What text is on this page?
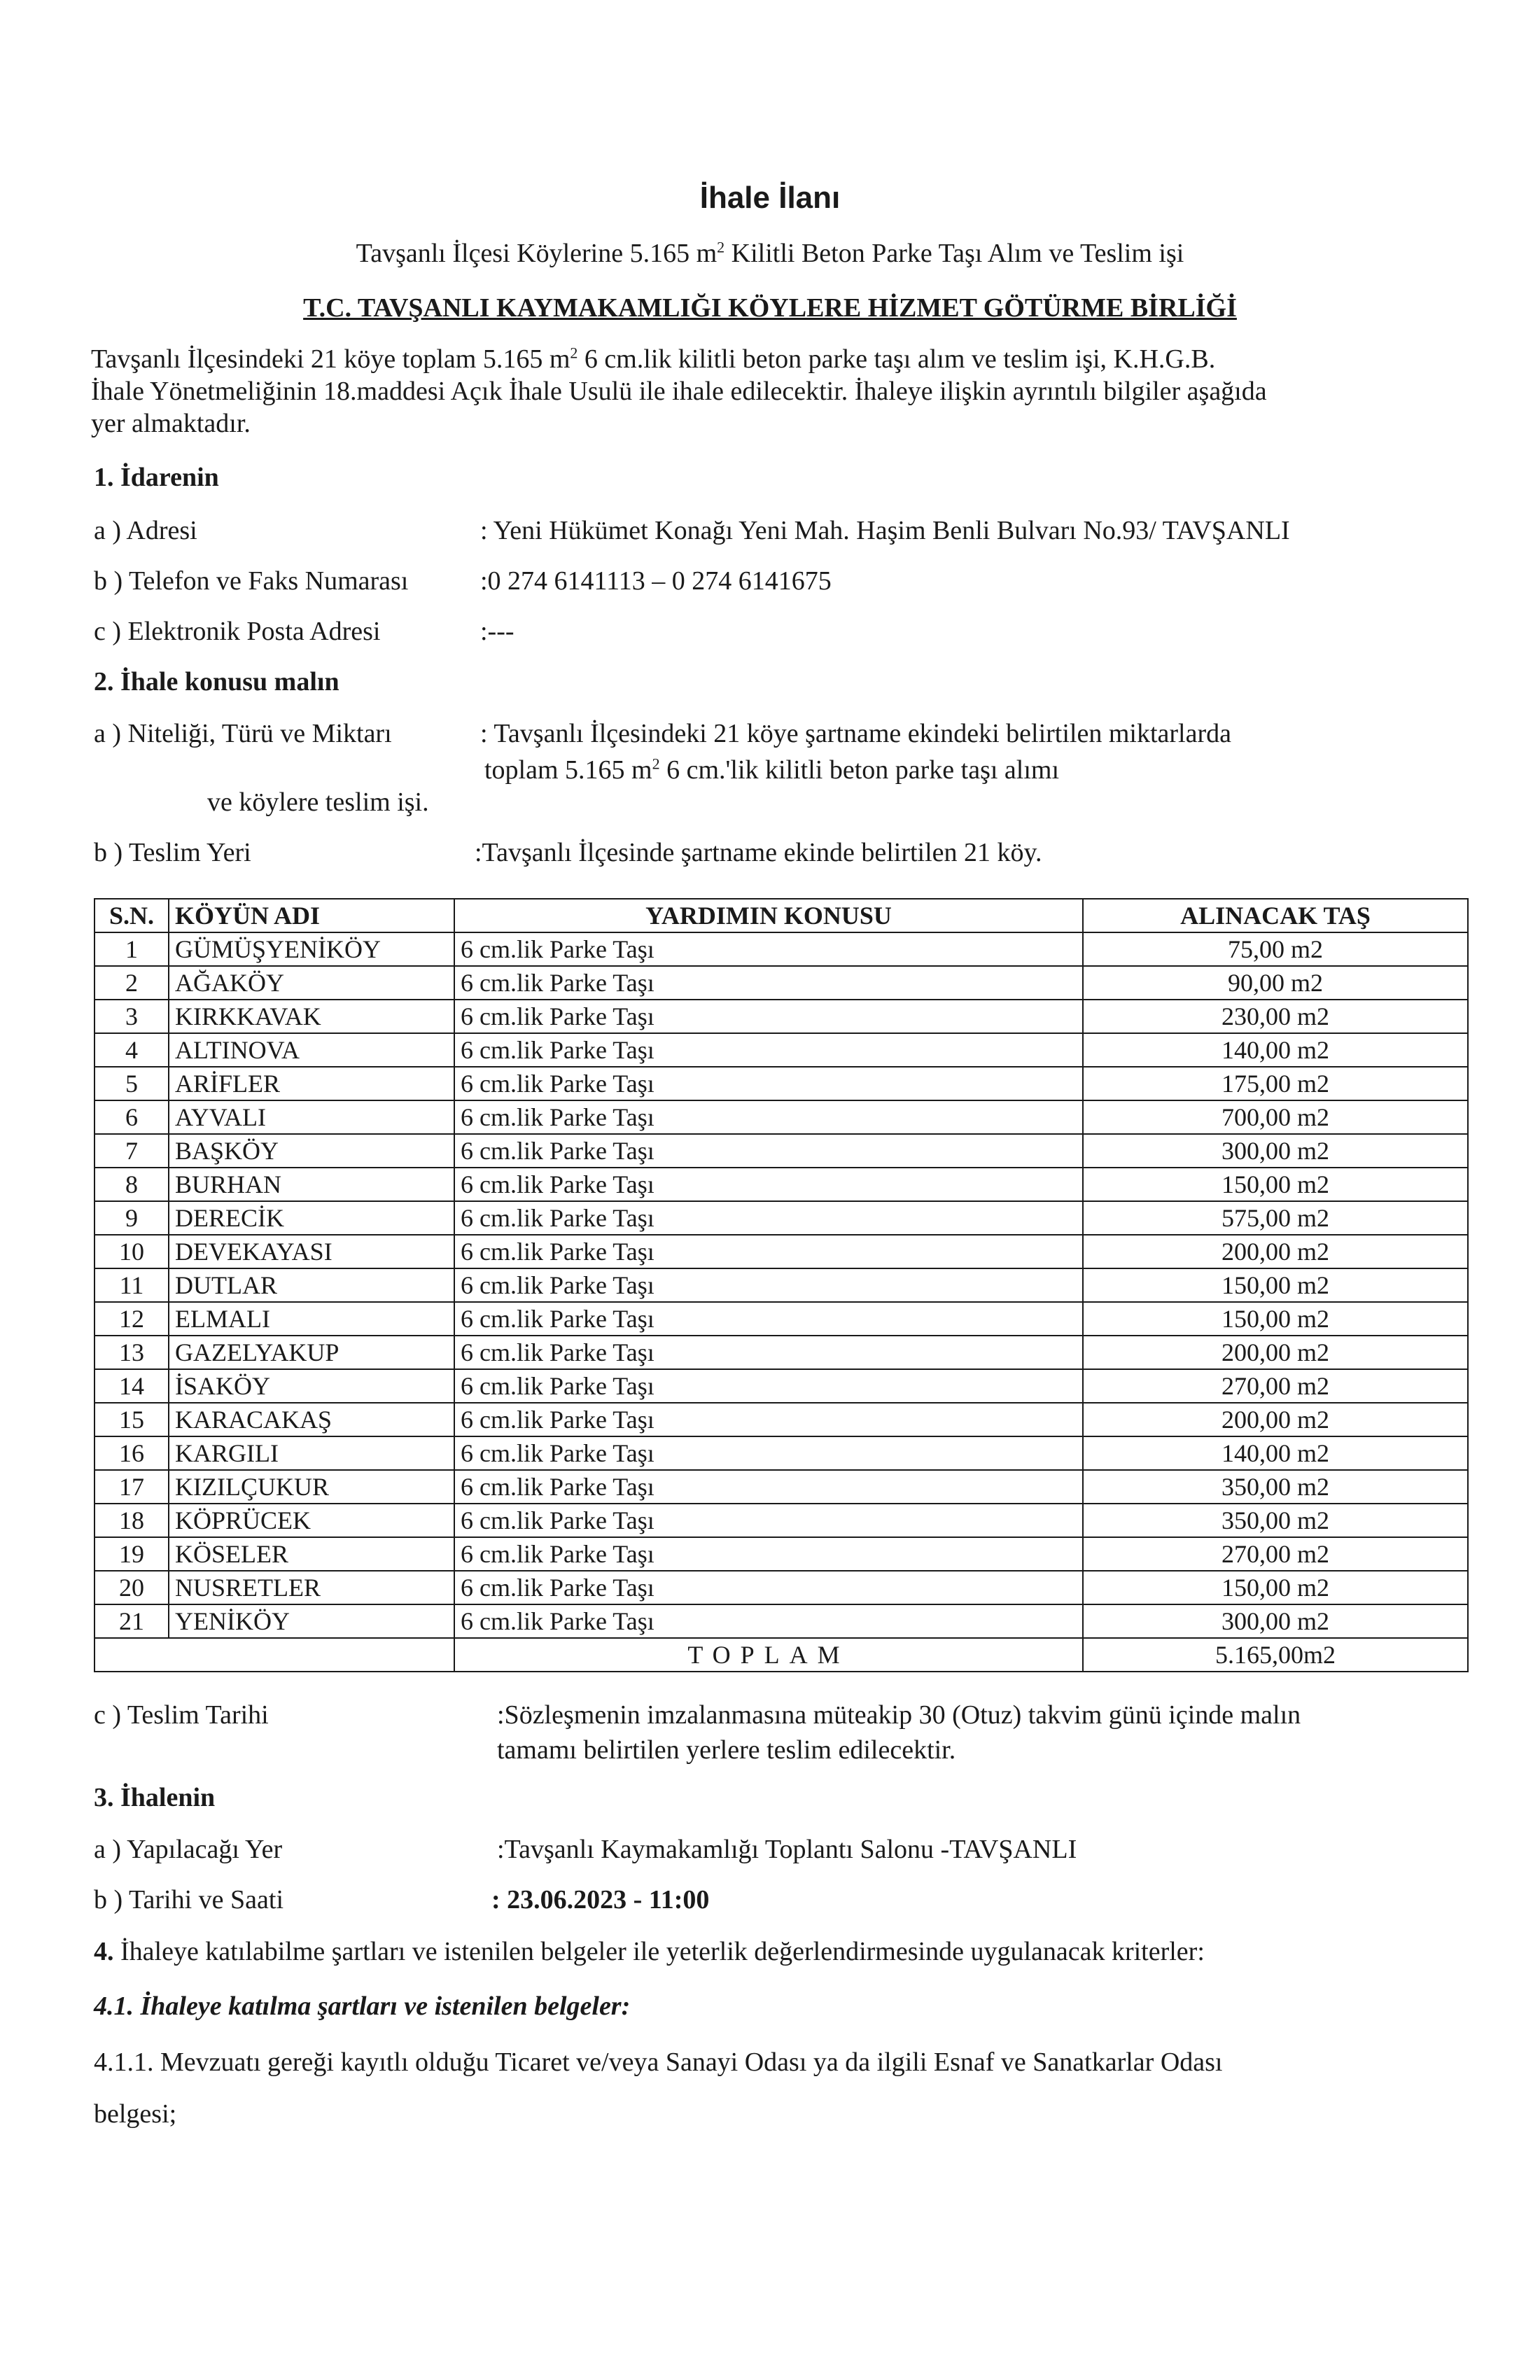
İhale İlanı
Tavşanlı İlçesi Köylerine 5.165 $m^2$ Kilitli Beton Parke Taşı Alım ve Teslim işi
T.C. TAVŞANLI KAYMAKAMLIĞI KÖYLERE HİZMET GÖTÜRME BİRLİĞİ

Tavşanlı İlçesindeki 21 köye toplam 5.165 $m^2$ 6 cm.lik kilitli beton parke taşı alım ve teslim işi, K.H.G.B.

İhale Yönetmeliğinin 18.maddesi Açık İhale Usulü ile ihale edilecektir. İhaleye ilişkin ayrıntılı bilgiler aşağıda

yer almaktadır.

1. İdarenin
a ) Adresi	: Yeni Hükümet Konağı Yeni Mah. Haşim Benli Bulvarı No.93/ TAVŞANLI
b ) Telefon ve Faks Numarası	:0 274 6141113 – 0 274 6141675
c ) Elektronik Posta Adresi	:---
2. İhale konusu malın
a ) Niteliği, Türü ve Miktarı
ve köylere teslim işi.
: Tavşanlı İlçesindeki 21 köye şartname ekindeki belirtilen miktarlarda
toplam 5.165 $m^2$ 6 cm.'lik kilitli beton parke taşı alımı
b ) Teslim Yeri	:Tavşanlı İlçesinde şartname ekinde belirtilen 21 köy.
S.N.	KÖYÜN ADI	YARDIMIN KONUSU	ALINACAK TAŞ
1	GÜMÜŞYENİKÖY	6 cm.lik Parke Taşı	75,00 m2
2	AĞAKÖY	6 cm.lik Parke Taşı	90,00 m2
3	KIRKKAVAK	6 cm.lik Parke Taşı	230,00 m2
4	ALTINOVA	6 cm.lik Parke Taşı	140,00 m2
5	ARİFLER	6 cm.lik Parke Taşı	175,00 m2
6	AYVALI	6 cm.lik Parke Taşı	700,00 m2
7	BAŞKÖY	6 cm.lik Parke Taşı	300,00 m2
8	BURHAN	6 cm.lik Parke Taşı	150,00 m2
9	DERECİK	6 cm.lik Parke Taşı	575,00 m2
10	DEVEKAYASI	6 cm.lik Parke Taşı	200,00 m2
11	DUTLAR	6 cm.lik Parke Taşı	150,00 m2
12	ELMALI	6 cm.lik Parke Taşı	150,00 m2
13	GAZELYAKUP	6 cm.lik Parke Taşı	200,00 m2
14	İSAKÖY	6 cm.lik Parke Taşı	270,00 m2
15	KARACAKAŞ	6 cm.lik Parke Taşı	200,00 m2
16	KARGILI	6 cm.lik Parke Taşı	140,00 m2
17	KIZILÇUKUR	6 cm.lik Parke Taşı	350,00 m2
18	KÖPRÜCEK	6 cm.lik Parke Taşı	350,00 m2
19	KÖSELER	6 cm.lik Parke Taşı	270,00 m2
20	NUSRETLER	6 cm.lik Parke Taşı	150,00 m2
21	YENİKÖY	6 cm.lik Parke Taşı	300,00 m2
		TOPLAM	5.165,00m2
c ) Teslim Tarihi	:Sözleşmenin imzalanmasına müteakip 30 (Otuz) takvim günü içinde malın
tamamı belirtilen yerlere teslim edilecektir.
3. İhalenin
a ) Yapılacağı Yer	:Tavşanlı Kaymakamlığı Toplantı Salonu -TAVŞANLI
b ) Tarihi ve Saati	: 23.06.2023 - 11:00
4. İhaleye katılabilme şartları ve istenilen belgeler ile yeterlik değerlendirmesinde uygulanacak kriterler:
4.1. İhaleye katılma şartları ve istenilen belgeler:
4.1.1. Mevzuatı gereği kayıtlı olduğu Ticaret ve/veya Sanayi Odası ya da ilgili Esnaf ve Sanatkarlar Odası
belgesi;
